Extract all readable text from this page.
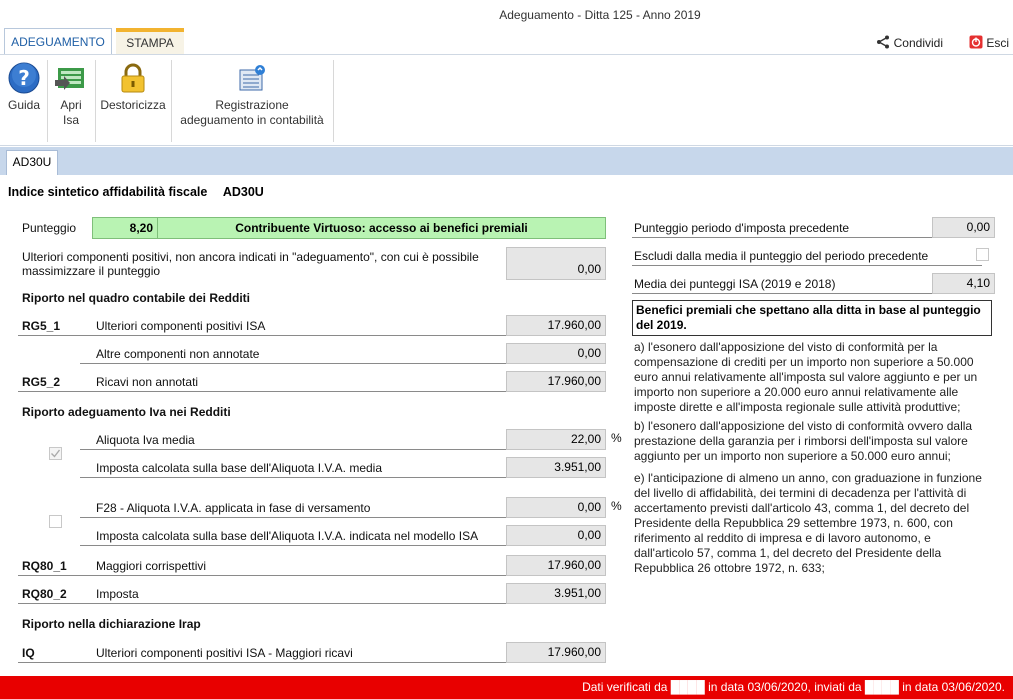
Adeguamento - Ditta 125 - Anno 2019
ADEGUAMENTO	STAMPA	Condividi	Esci
?
Guida	Apri
Isa
Destoricizza	Registrazione
adeguamento in contabilità
AD30U
Indice sintetico affidabilità fiscale AD30U
Punteggio	8,20	Contribuente Virtuoso: accesso ai benefici premiali
Ulteriori componenti positivi, non ancora indicati in "adeguamento", con cui è possibile
massimizzare il punteggio	0,00
Riporto nel quadro contabile dei Redditi
RG5_1	Ulteriori componenti positivi ISA	17.960,00
Altre componenti non annotate	0,00
RG5_2	Ricavi non annotati	17.960,00
Riporto adeguamento Iva nei Redditi
Aliquota Iva media	22,00 %
Imposta calcolata sulla base dell'Aliquota I.V.A. media	3.951,00
F28 - Aliquota I.V.A. applicata in fase di versamento	0,00 %
Imposta calcolata sulla base dell'Aliquota I.V.A. indicata nel modello ISA	0,00
RQ80_1 Maggiori corrispettivi	17.960,00
RQ80_2 Imposta	3.951,00
Riporto nella dichiarazione Irap
IQ	Ulteriori componenti positivi ISA - Maggiori ricavi	17.960,00
Punteggio periodo d'imposta precedente	0,00
Escludi dalla media il punteggio del periodo precedente
Media dei punteggi ISA (2019 e 2018)	4,10
Benefici premiali che spettano alla ditta in base al punteggio del 2019.
a) l'esonero dall'apposizione del visto di conformità per la compensazione di crediti per un importo non superiore a 50.000 euro annui relativamente all'imposta sul valore aggiunto e per un importo non superiore a 20.000 euro annui relativamente alle imposte dirette e all'imposta regionale sulle attività produttive;
b) l'esonero dall'apposizione del visto di conformità ovvero dalla prestazione della garanzia per i rimborsi dell'imposta sul valore aggiunto per un importo non superiore a 50.000 euro annui;
e) l'anticipazione di almeno un anno, con graduazione in funzione del livello di affidabilità, dei termini di decadenza per l'attività di accertamento previsti dall'articolo 43, comma 1, del decreto del Presidente della Repubblica 29 settembre 1973, n. 600, con riferimento al reddito di impresa e di lavoro autonomo, e dall'articolo 57, comma 1, del decreto del Presidente della Repubblica 26 ottobre 1972, n. 633;
Dati verificati da ████ in data 03/06/2020, inviati da ████ in data 03/06/2020.
